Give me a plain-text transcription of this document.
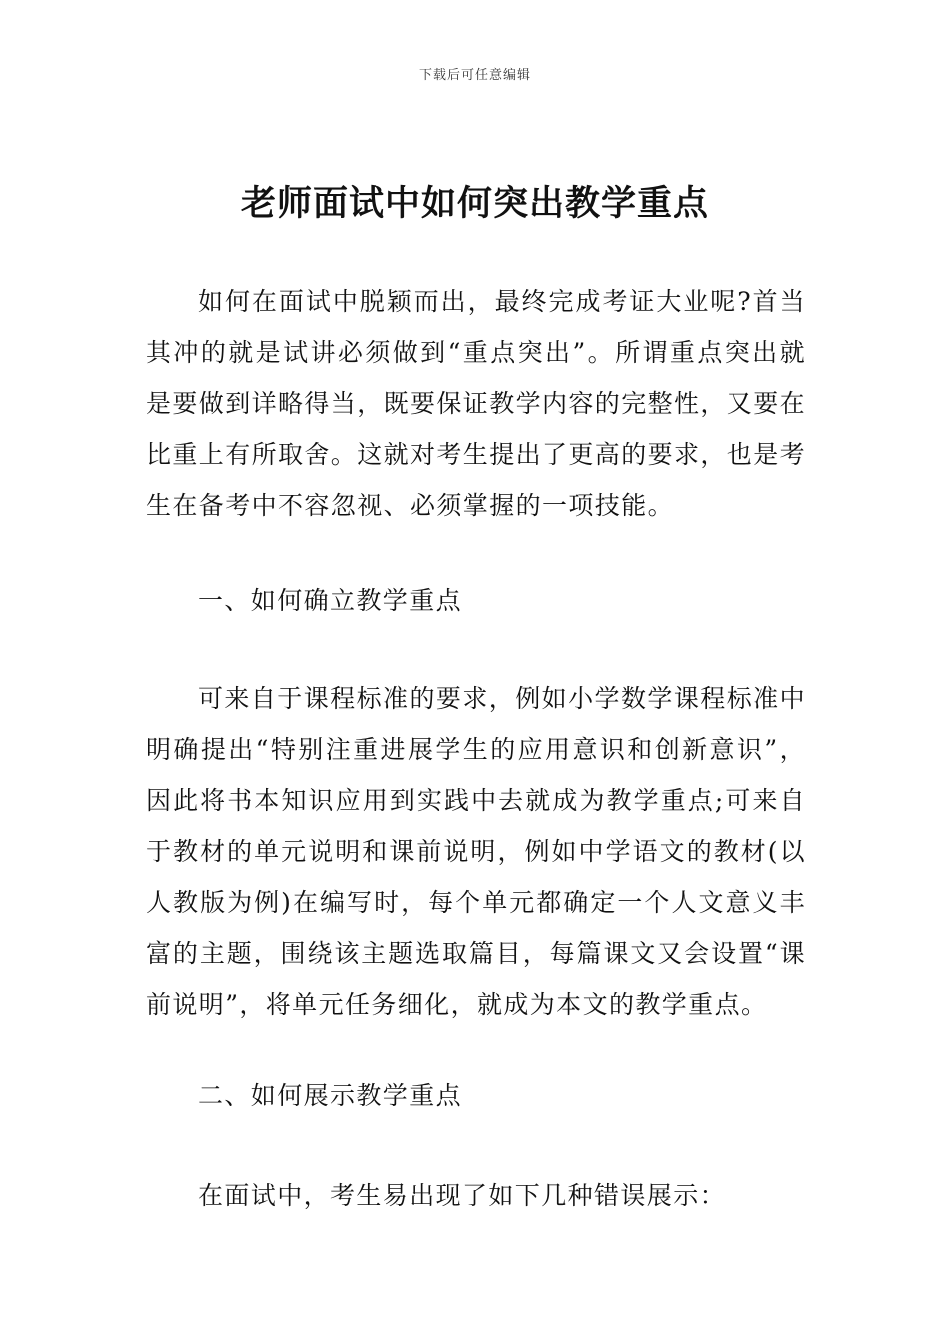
下载后可任意编辑
老师面试中如何突出教学重点

如何在面试中脱颖而出，最终完成考证大业呢?首当其冲的就是试讲必须做到“重点突出”。所谓重点突出就是要做到详略得当，既要保证教学内容的完整性，又要在比重上有所取舍。这就对考生提出了更高的要求，也是考生在备考中不容忽视、必须掌握的一项技能。

一、如何确立教学重点

可来自于课程标准的要求，例如小学数学课程标准中明确提出“特别注重进展学生的应用意识和创新意识”，因此将书本知识应用到实践中去就成为教学重点;可来自于教材的单元说明和课前说明，例如中学语文的教材(以人教版为例)在编写时，每个单元都确定一个人文意义丰富的主题，围绕该主题选取篇目，每篇课文又会设置“课前说明”，将单元任务细化，就成为本文的教学重点。

二、如何展示教学重点

在面试中，考生易出现了如下几种错误展示：
